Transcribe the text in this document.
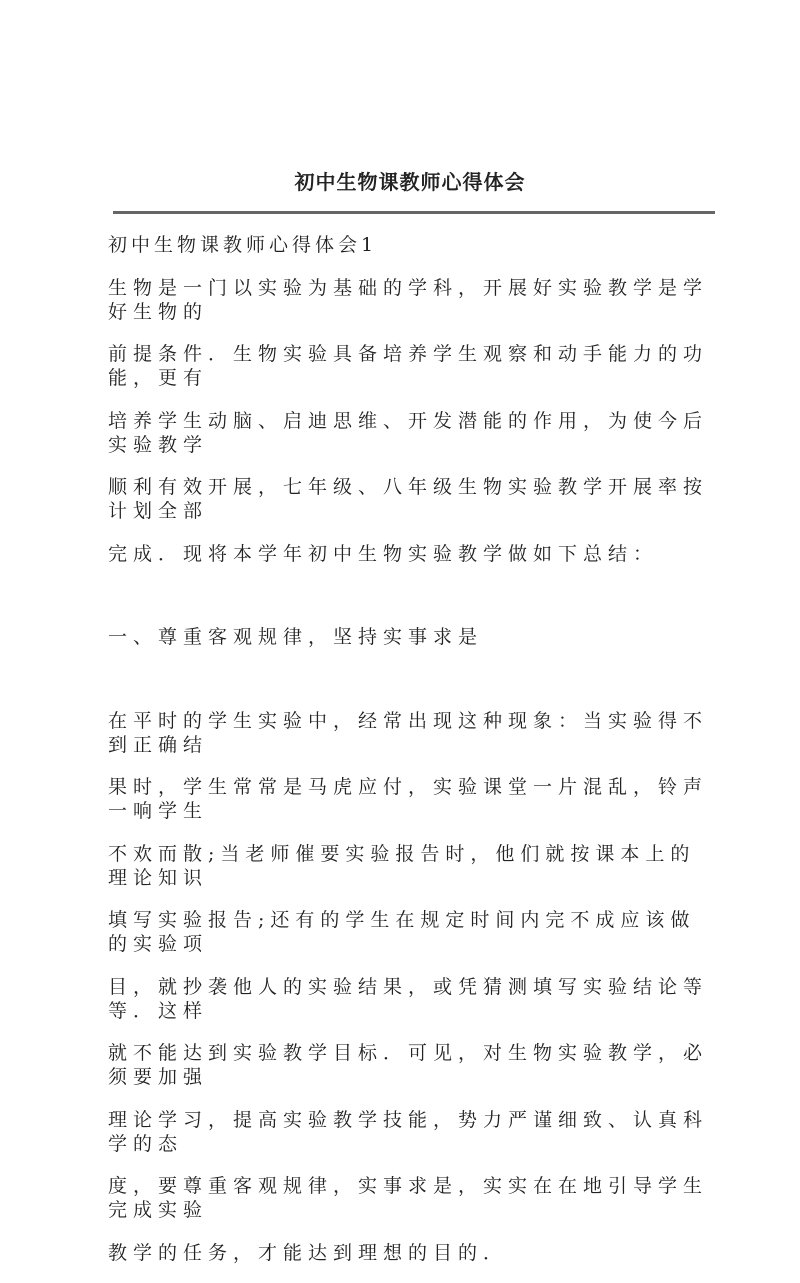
初中生物课教师心得体会
初中生物课教师心得体会1
生物是一门以实验为基础的学科，开展好实验教学是学好生物的
前提条件．生物实验具备培养学生观察和动手能力的功能，更有
培养学生动脑、启迪思维、开发潜能的作用，为使今后实验教学
顺利有效开展，七年级、八年级生物实验教学开展率按计划全部
完成．现将本学年初中生物实验教学做如下总结：
一、尊重客观规律，坚持实事求是
在平时的学生实验中，经常出现这种现象：当实验得不到正确结
果时，学生常常是马虎应付，实验课堂一片混乱，铃声一响学生
不欢而散;当老师催要实验报告时，他们就按课本上的理论知识
填写实验报告;还有的学生在规定时间内完不成应该做的实验项
目，就抄袭他人的实验结果，或凭猜测填写实验结论等等．这样
就不能达到实验教学目标．可见，对生物实验教学，必须要加强
理论学习，提高实验教学技能，势力严谨细致、认真科学的态
度，要尊重客观规律，实事求是，实实在在地引导学生完成实验
教学的任务，才能达到理想的目的．
